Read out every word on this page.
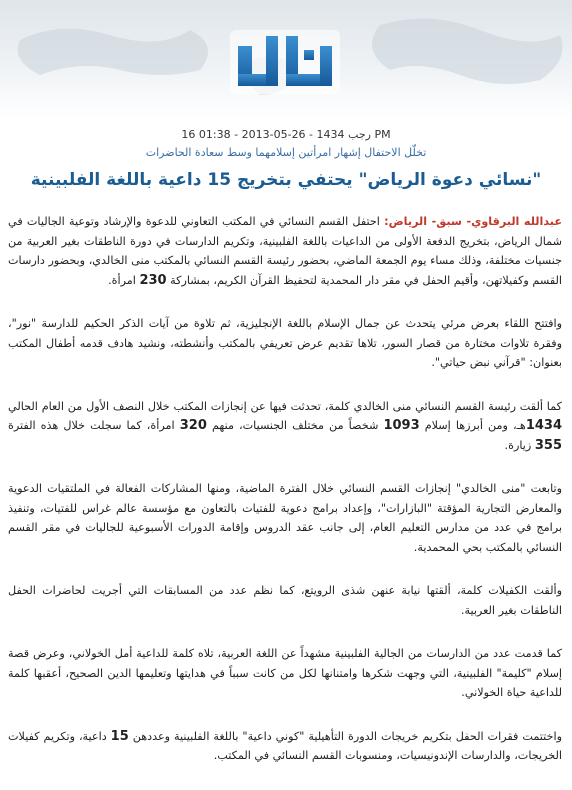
16 رجب 1434 - 26-05-2013 - 01:38 PM
تخلّل الاحتفال إشهار امرأتين إسلامهما وسط سعادة الحاضرات
"نسائي دعوة الرياض" يحتفي بتخريج 15 داعية باللغة الفلبينية

عبدالله البرقاوي- سبق- الرياض: احتفل القسم النسائي في المكتب التعاوني للدعوة والإرشاد وتوعية الجاليات في شمال الرياض، بتخريج الدفعة الأولى من الداعيات باللغة الفلبينية، وتكريم الدارسات في دورة الناطقات بغير العربية من جنسيات مختلفة، وذلك مساء يوم الجمعة الماضي، بحضور رئيسة القسم النسائي بالمكتب منى الخالدي، وبحضور دارسات القسم وكفيلاتهن، وأقيم الحفل في مقر دار المحمدية لتحفيظ القرآن الكريم، بمشاركة 230 امرأة.

وافتتح اللقاء بعرض مرئي يتحدث عن جمال الإسلام باللغة الإنجليزية، ثم تلاوة من آيات الذكر الحكيم للدارسة "نور"، وفقرة تلاوات مختارة من قصار السور، تلاها تقديم عرض تعريفي بالمكتب وأنشطته، ونشيد هادف قدمه أطفال المكتب بعنوان: "قرآني نبض حياتي".

كما ألقت رئيسة القسم النسائي منى الخالدي كلمة، تحدثت فيها عن إنجازات المكتب خلال النصف الأول من العام الحالي 1434هـ، ومن أبرزها إسلام 1093 شخصاً من مختلف الجنسيات، منهم 320 امرأة، كما سجلت خلال هذه الفترة 355 زيارة.

وتابعت "منى الخالدي" إنجازات القسم النسائي خلال الفترة الماضية، ومنها المشاركات الفعالة في الملتقيات الدعوية والمعارض التجارية المؤقتة "البازارات"، وإعداد برامج دعوية للفتيات بالتعاون مع مؤسسة عالم غراس للفتيات، وتنفيذ برامج في عدد من مدارس التعليم العام، إلى جانب عقد الدروس وإقامة الدورات الأسبوعية للجاليات في مقر القسم النسائي بالمكتب بحي المحمدية.

وألقت الكفيلات كلمة، ألقتها نيابة عنهن شذى الرويتع، كما نظم عدد من المسابقات التي أجريت لحاضرات الحفل الناطقات بغير العربية.

كما قدمت عدد من الدارسات من الجالية الفلبينية مشهداً عن اللغة العربية، تلاه كلمة للداعية أمل الخولاني، وعرض قصة إسلام "كليمة" الفلبينية، التي وجهت شكرها وامتنانها لكل من كانت سبباً في هدايتها وتعليمها الدين الصحيح، أعقبها كلمة للداعية حياة الخولاني.

واختتمت فقرات الحفل بتكريم خريجات الدورة التأهيلية "كوني داعية" باللغة الفلبينية وعددهن 15 داعية، وتكريم كفيلات الخريجات، والدارسات الإندونيسيات، ومنسوبات القسم النسائي في المكتب.
